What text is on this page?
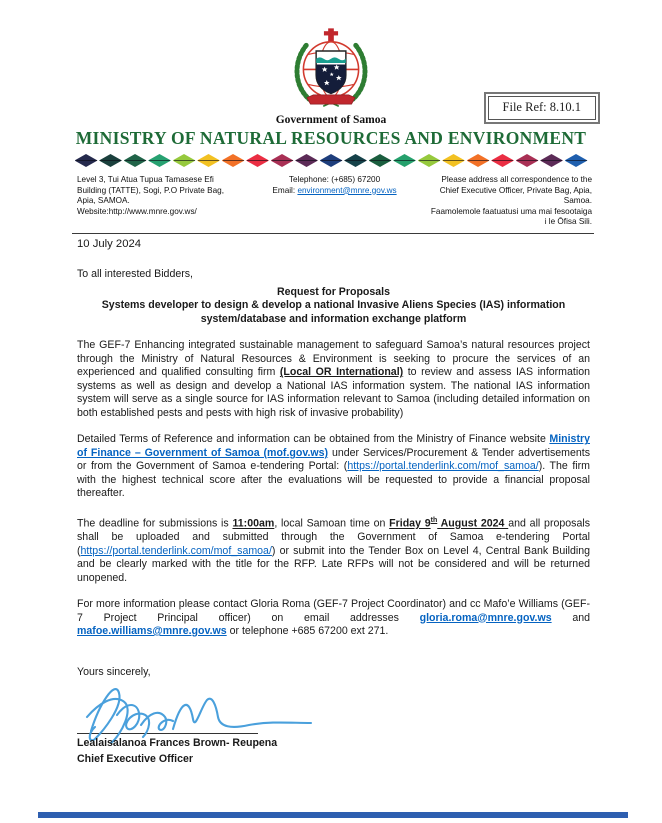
File Ref: 8.10.1
Government of Samoa
MINISTRY OF NATURAL RESOURCES AND ENVIRONMENT
Level 3, Tui Atua Tupua Tamasese Efi
Building (TATTE), Sogi, P.O Private Bag,
Apia, SAMOA.
Website:http://www.mnre.gov.ws/
Telephone: (+685) 67200
Email: environment@mnre.gov.ws
Please address all correspondence to the
Chief Executive Officer, Private Bag, Apia,
Samoa.
Faamolemole faatuatusi uma mai fesootaiga
i le Ōfisa Sili.
10 July 2024
To all interested Bidders,
Request for Proposals
Systems developer to design & develop a national Invasive Aliens Species (IAS) information
system/database and information exchange platform

The GEF-7 Enhancing integrated sustainable management to safeguard Samoa’s natural resources project through the Ministry of Natural Resources & Environment is seeking to procure the services of an experienced and qualified consulting firm (Local OR International) to review and assess IAS information systems as well as design and develop a National IAS information system. The national IAS information system will serve as a single source for IAS information relevant to Samoa (including detailed information on both established pests and pests with high risk of invasive probability)

Detailed Terms of Reference and information can be obtained from the Ministry of Finance website Ministry of Finance – Government of Samoa (mof.gov.ws) under Services/Procurement & Tender advertisements or from the Government of Samoa e-tendering Portal: (https://portal.tenderlink.com/mof_samoa/). The firm with the highest technical score after the evaluations will be requested to provide a financial proposal thereafter.

The deadline for submissions is 11:00am, local Samoan time on Friday 9th August 2024 and all proposals shall be uploaded and submitted through the Government of Samoa e-tendering Portal (https://portal.tenderlink.com/mof_samoa/) or submit into the Tender Box on Level 4, Central Bank Building and be clearly marked with the title for the RFP. Late RFPs will not be considered and will be returned unopened.

For more information please contact Gloria Roma (GEF-7 Project Coordinator) and cc Mafo’e Williams (GEF-7 Project Principal officer) on email addresses gloria.roma@mnre.gov.ws and mafoe.williams@mnre.gov.ws or telephone +685 67200 ext 271.

Yours sincerely,
Lealaisalanoa Frances Brown- Reupena
Chief Executive Officer
